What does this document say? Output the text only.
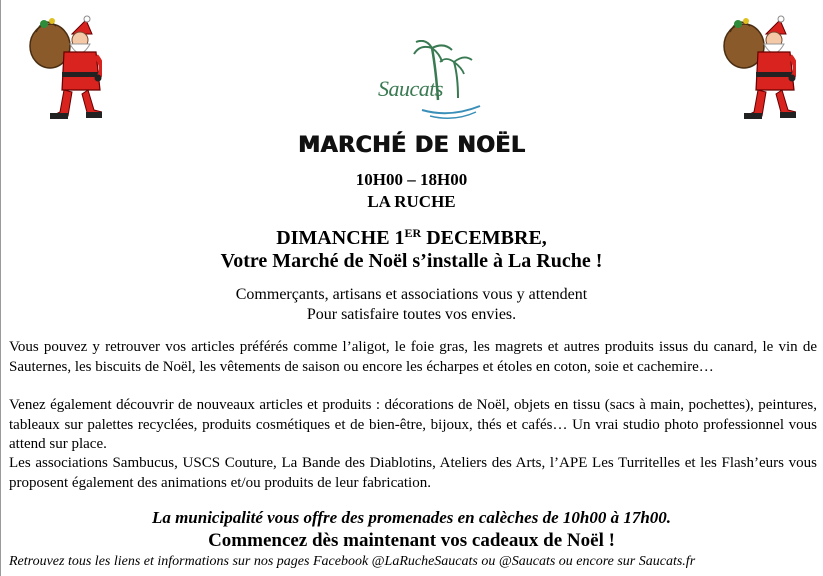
Saucats
MARCHÉ DE NOËL
10H00 – 18H00
LA RUCHE
DIMANCHE 1ER DECEMBRE,
Votre Marché de Noël s’installe à La Ruche !
Commerçants, artisans et associations vous y attendent
Pour satisfaire toutes vos envies.

Vous pouvez y retrouver vos articles préférés comme l’aligot, le foie gras, les magrets et autres produits issus du canard, le vin de Sauternes, les biscuits de Noël, les vêtements de saison ou encore les écharpes et étoles en coton, soie et cachemire…

Venez également découvrir de nouveaux articles et produits : décorations de Noël, objets en tissu (sacs à main, pochettes), peintures, tableaux sur palettes recyclées, produits cosmétiques et de bien-être, bijoux, thés et cafés… Un vrai studio photo professionnel vous attend sur place.

Les associations Sambucus, USCS Couture, La Bande des Diablotins, Ateliers des Arts, l’APE Les Turritelles et les Flash’eurs vous proposent également des animations et/ou produits de leur fabrication.

La municipalité vous offre des promenades en calèches de 10h00 à 17h00.
Commencez dès maintenant vos cadeaux de Noël !
Retrouvez tous les liens et informations sur nos pages Facebook @LaRucheSaucats ou @Saucats ou encore sur Saucats.fr
